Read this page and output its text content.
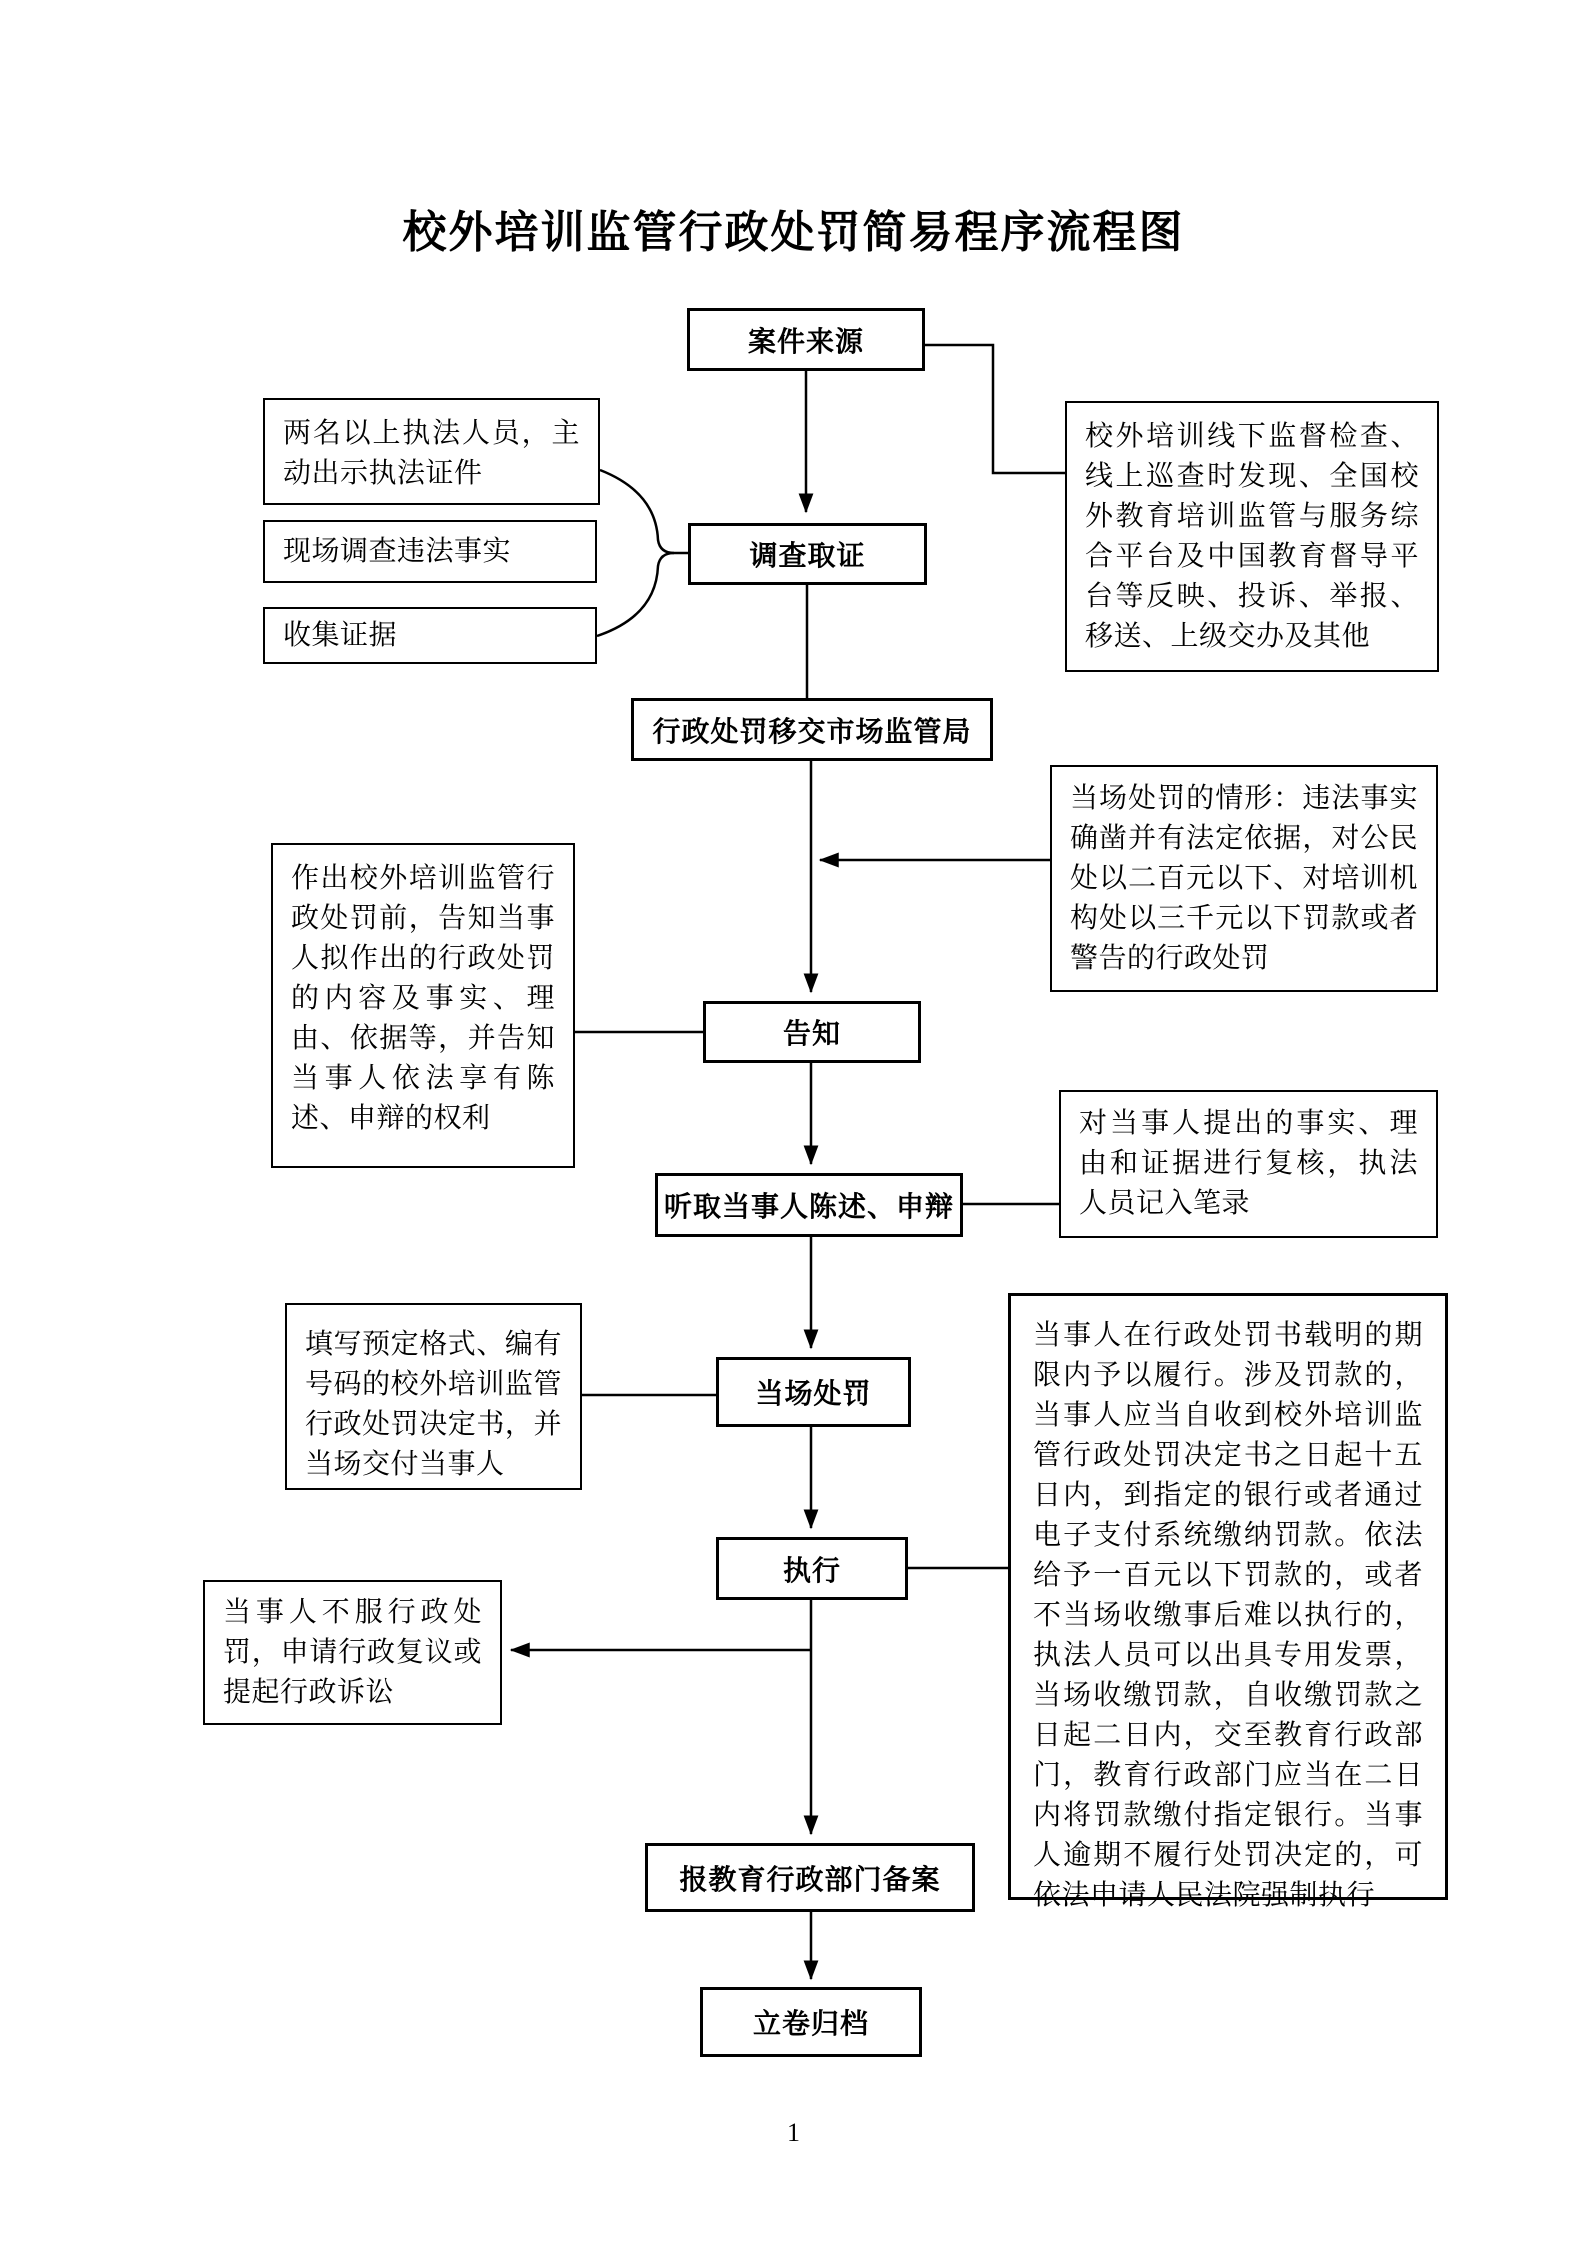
校外培训监管行政处罚简易程序流程图
案件来源
调查取证
行政处罚移交市场监管局
告知
听取当事人陈述、申辩
当场处罚
执行
报教育行政部门备案
立卷归档
两名以上执法人员，主动出示执法证件
现场调查违法事实
收集证据
作出校外培训监管行政处罚前，告知当事人拟作出的行政处罚的内容及事实、理由、依据等，并告知当事人依法享有陈述、申辩的权利
填写预定格式、编有号码的校外培训监管行政处罚决定书，并当场交付当事人
当事人不服行政处罚，申请行政复议或提起行政诉讼
校外培训线下监督检查、线上巡查时发现、全国校外教育培训监管与服务综合平台及中国教育督导平台等反映、投诉、举报、移送、上级交办及其他
当场处罚的情形：违法事实确凿并有法定依据，对公民处以二百元以下、对培训机构处以三千元以下罚款或者警告的行政处罚
对当事人提出的事实、理由和证据进行复核，执法人员记入笔录
当事人在行政处罚书载明的期限内予以履行。涉及罚款的，当事人应当自收到校外培训监管行政处罚决定书之日起十五日内，到指定的银行或者通过电子支付系统缴纳罚款。依法给予一百元以下罚款的，或者不当场收缴事后难以执行的，执法人员可以出具专用发票，当场收缴罚款，自收缴罚款之日起二日内，交至教育行政部门，教育行政部门应当在二日内将罚款缴付指定银行。当事人逾期不履行处罚决定的，可依法申请人民法院强制执行
1
